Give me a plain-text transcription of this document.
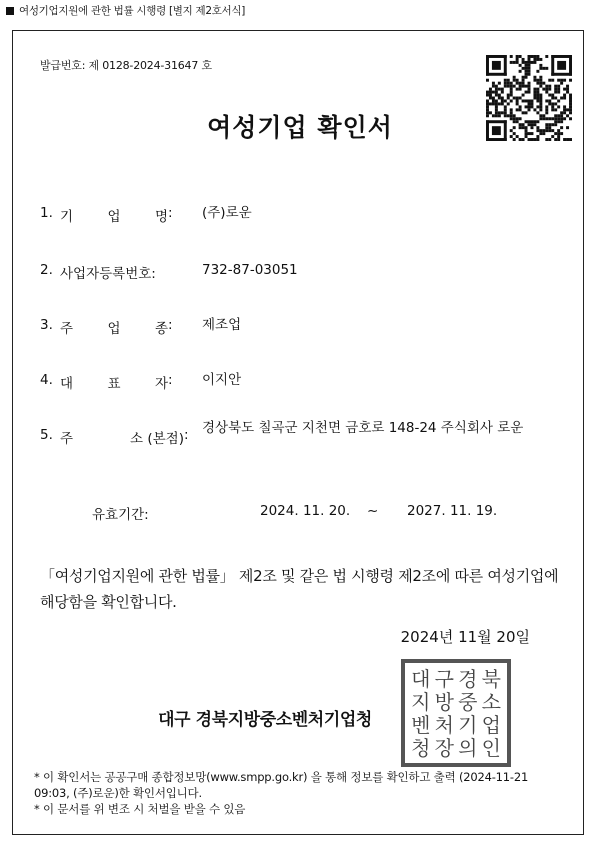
여성기업지원에 관한 법률 시행령 [별지 제2호서식]
발급번호: 제 0128-2024-31647 호
여성기업 확인서
1. 기	업	명 : (주)로운
2. 사업자등록번호:	732-87-03051
3. 주	업	종 : 제조업
4. 대	표	자 : 이지안
5. 주	소 (본점) : 경상북도 칠곡군 지천면 금호로 148-24 주식회사 로운
유효기간:	2024. 11. 20. ~ 2027. 11. 19.
「여성기업지원에 관한 법률」 제2조 및 같은 법 시행령 제2조에 따른 여성기업에 해당함을 확인합니다.
2024년 11월 20일
대구 경북지방중소벤처기업청
대 구 경 북
지 방 중 소
벤 처 기 업
청 장 의 인
* 이 확인서는 공공구매 종합정보망(www.smpp.go.kr) 을 통해 정보를 확인하고 출력 (2024-11-21 09:03, (주)로운)한 확인서입니다.
* 이 문서를 위 변조 시 처벌을 받을 수 있음
